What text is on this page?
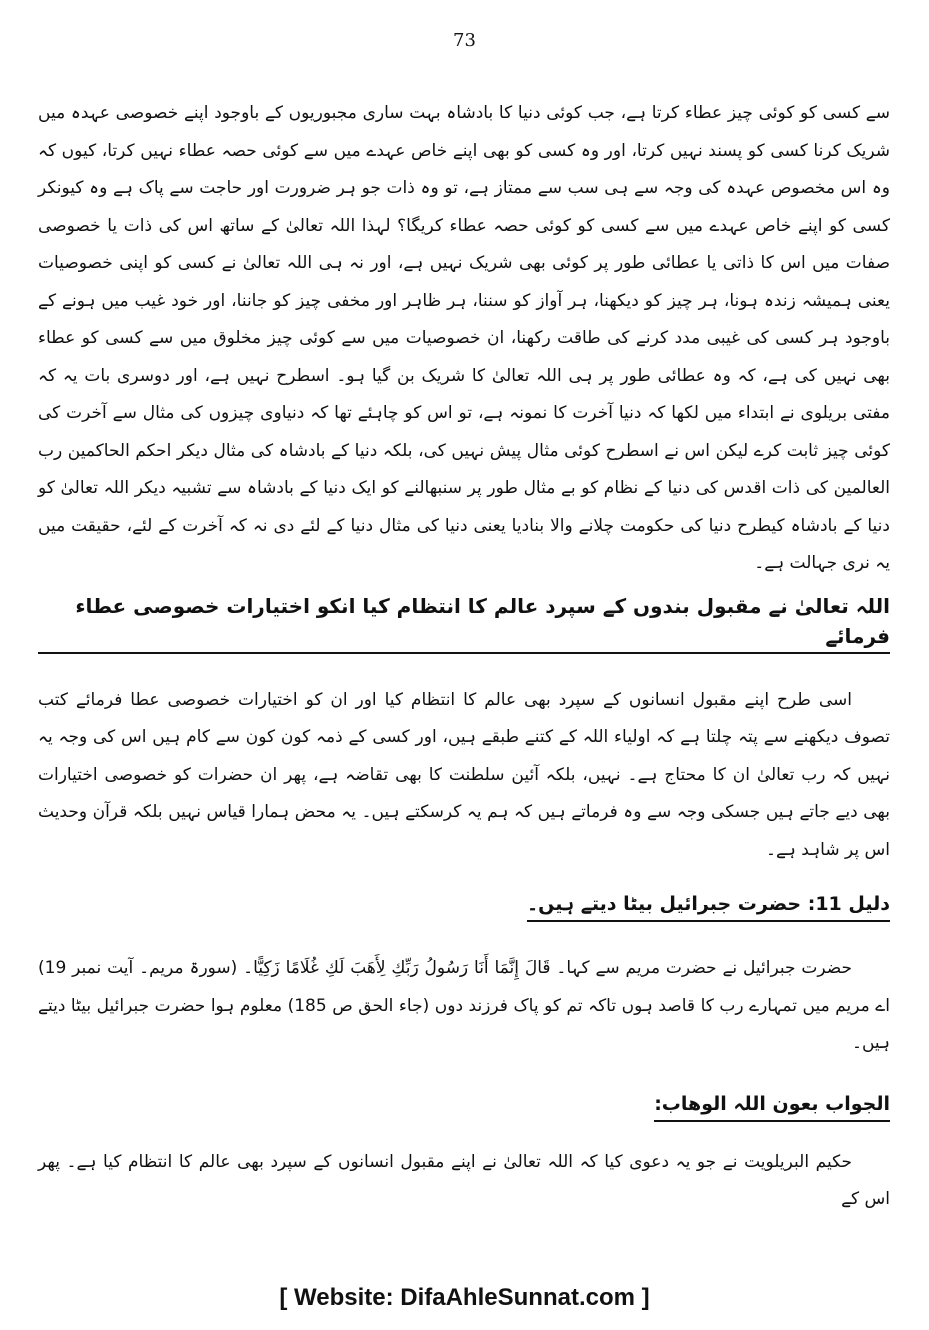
73

سے کسی کو کوئی چیز عطاء کرتا ہے، جب کوئی دنیا کا بادشاہ بہت ساری مجبوریوں کے باوجود اپنے خصوصی عہدہ میں شریک کرنا کسی کو پسند نہیں کرتا، اور وہ کسی کو بھی اپنے خاص عہدے میں سے کوئی حصہ عطاء نہیں کرتا، کیوں کہ وہ اس مخصوص عہدہ کی وجہ سے ہی سب سے ممتاز ہے، تو وہ ذات جو ہر ضرورت اور حاجت سے پاک ہے وہ کیونکر کسی کو اپنے خاص عہدے میں سے کسی کو کوئی حصہ عطاء کریگا؟ لہذا اللہ تعالیٰ کے ساتھ اس کی ذات یا خصوصی صفات میں اس کا ذاتی یا عطائی طور پر کوئی بھی شریک نہیں ہے، اور نہ ہی اللہ تعالیٰ نے کسی کو اپنی خصوصیات یعنی ہمیشہ زندہ ہونا، ہر چیز کو دیکھنا، ہر آواز کو سننا، ہر ظاہر اور مخفی چیز کو جاننا، اور خود غیب میں ہونے کے باوجود ہر کسی کی غیبی مدد کرنے کی طاقت رکھنا، ان خصوصیات میں سے کوئی چیز مخلوق میں سے کسی کو عطاء بھی نہیں کی ہے، کہ وہ عطائی طور پر ہی اللہ تعالیٰ کا شریک بن گیا ہو۔ اسطرح نہیں ہے، اور دوسری بات یہ کہ مفتی بریلوی نے ابتداء میں لکھا کہ دنیا آخرت کا نمونہ ہے، تو اس کو چاہئے تھا کہ دنیاوی چیزوں کی مثال سے آخرت کی کوئی چیز ثابت کرے لیکن اس نے اسطرح کوئی مثال پیش نہیں کی، بلکہ دنیا کے بادشاہ کی مثال دیکر احکم الحاکمین رب العالمین کی ذات اقدس کی دنیا کے نظام کو بے مثال طور پر سنبھالنے کو ایک دنیا کے بادشاہ سے تشبیہ دیکر اللہ تعالیٰ کو دنیا کے بادشاہ کیطرح دنیا کی حکومت چلانے والا بنادیا یعنی دنیا کی مثال دنیا کے لئے دی نہ کہ آخرت کے لئے، حقیقت میں یہ نری جہالت ہے۔

اللہ تعالیٰ نے مقبول بندوں کے سپرد عالم کا انتظام کیا انکو اختیارات خصوصی عطاء فرمائے

اسی طرح اپنے مقبول انسانوں کے سپرد بھی عالم کا انتظام کیا اور ان کو اختیارات خصوصی عطا فرمائے کتب تصوف دیکھنے سے پتہ چلتا ہے کہ اولیاء اللہ کے کتنے طبقے ہیں، اور کسی کے ذمہ کون کون سے کام ہیں اس کی وجہ یہ نہیں کہ رب تعالیٰ ان کا محتاج ہے۔ نہیں، بلکہ آئین سلطنت کا بھی تقاضہ ہے، پھر ان حضرات کو خصوصی اختیارات بھی دیے جاتے ہیں جسکی وجہ سے وہ فرماتے ہیں کہ ہم یہ کرسکتے ہیں۔ یہ محض ہمارا قیاس نہیں بلکہ قرآن وحدیث اس پر شاہد ہے۔

دلیل 11: حضرت جبرائیل بیٹا دیتے ہیں۔

حضرت جبرائیل نے حضرت مریم سے کہا۔ قَالَ إِنَّمَا أَنَا رَسُولُ رَبِّكِ لِأَهَبَ لَكِ غُلَامًا زَكِيًّا۔ (سورۃ مریم۔ آیت نمبر 19) اے مریم میں تمہارے رب کا قاصد ہوں تاکہ تم کو پاک فرزند دوں (جاء الحق ص 185) معلوم ہوا حضرت جبرائیل بیٹا دیتے ہیں۔

الجواب بعون اللہ الوھاب:

حکیم البریلویت نے جو یہ دعوی کیا کہ اللہ تعالیٰ نے اپنے مقبول انسانوں کے سپرد بھی عالم کا انتظام کیا ہے۔ پھر اس کے

[ Website: DifaAhleSunnat.com ]
